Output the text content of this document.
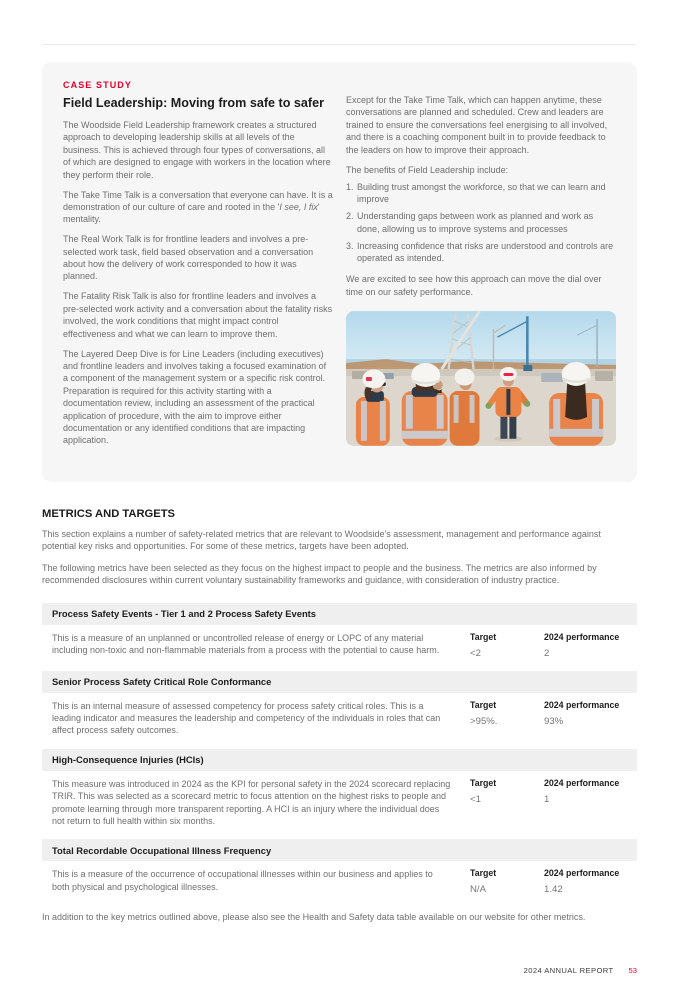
CASE STUDY
Field Leadership: Moving from safe to safer

The Woodside Field Leadership framework creates a structured approach to developing leadership skills at all levels of the business. This is achieved through four types of conversations, all of which are designed to engage with workers in the location where they perform their role.

The Take Time Talk is a conversation that everyone can have. It is a demonstration of our culture of care and rooted in the 'I see, I fix' mentality.

The Real Work Talk is for frontline leaders and involves a pre-selected work task, field based observation and a conversation about how the delivery of work corresponded to how it was planned.

The Fatality Risk Talk is also for frontline leaders and involves a pre-selected work activity and a conversation about the fatality risks involved, the work conditions that might impact control effectiveness and what we can learn to improve them.

The Layered Deep Dive is for Line Leaders (including executives) and frontline leaders and involves taking a focused examination of a component of the management system or a specific risk control. Preparation is required for this activity starting with a documentation review, including an assessment of the practical application of procedure, with the aim to improve either documentation or any identified conditions that are impacting application.

Except for the Take Time Talk, which can happen anytime, these conversations are planned and scheduled. Crew and leaders are trained to ensure the conversations feel energising to all involved, and there is a coaching component built in to provide feedback to the leaders on how to improve their approach.

The benefits of Field Leadership include:

1. Building trust amongst the workforce, so that we can learn and improve
2. Understanding gaps between work as planned and work as done, allowing us to improve systems and processes
3. Increasing confidence that risks are understood and controls are operated as intended.

We are excited to see how this approach can move the dial over time on our safety performance.

METRICS AND TARGETS

This section explains a number of safety-related metrics that are relevant to Woodside's assessment, management and performance against potential key risks and opportunities. For some of these metrics, targets have been adopted.

The following metrics have been selected as they focus on the highest impact to people and the business. The metrics are also informed by recommended disclosures within current voluntary sustainability frameworks and guidance, with consideration of industry practice.

Process Safety Events - Tier 1 and 2 Process Safety Events

This is a measure of an unplanned or uncontrolled release of energy or LOPC of any material including non-toxic and non-flammable materials from a process with the potential to cause harm.

Target
<2
2024 performance
2
Senior Process Safety Critical Role Conformance

This is an internal measure of assessed competency for process safety critical roles. This is a leading indicator and measures the leadership and competency of the individuals in roles that can affect process safety outcomes.

Target
>95%.
2024 performance
93%
High-Consequence Injuries (HCIs)

This measure was introduced in 2024 as the KPI for personal safety in the 2024 scorecard replacing TRIR. This was selected as a scorecard metric to focus attention on the highest risks to people and promote learning through more transparent reporting. A HCI is an injury where the individual does not return to full health within six months.

Target
<1
2024 performance
1
Total Recordable Occupational Illness Frequency

This is a measure of the occurrence of occupational illnesses within our business and applies to both physical and psychological illnesses.

Target
N/A
2024 performance
1.42

In addition to the key metrics outlined above, please also see the Health and Safety data table available on our website for other metrics.

2024 ANNUAL REPORT 53
